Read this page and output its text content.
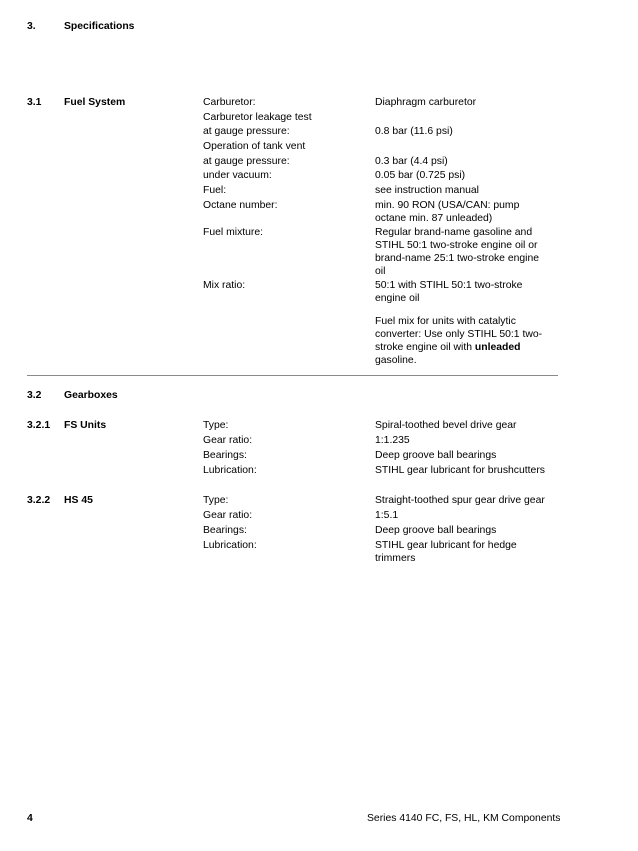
3.	Specifications
3.1 Fuel System	Carburetor:	Diaphragm carburetor
Carburetor leakage test
at gauge pressure:	0.8 bar (11.6 psi)
Operation of tank vent
at gauge pressure:	0.3 bar (4.4 psi)
under vacuum:	0.05 bar (0.725 psi)
Fuel:	see instruction manual
Octane number:	min. 90 RON (USA/CAN: pump
octane min. 87 unleaded)
Fuel mixture:	Regular brand-name gasoline and
STIHL 50:1 two-stroke engine oil or
brand-name 25:1 two-stroke engine
oil
Mix ratio:	50:1 with STIHL 50:1 two-stroke
engine oil
Fuel mix for units with catalytic
converter: Use only STIHL 50:1 two-
stroke engine oil with unleaded
gasoline.
3.2 Gearboxes
3.2.1 FS Units	Type:	Spiral-toothed bevel drive gear
Gear ratio:	1:1.235
Bearings:	Deep groove ball bearings
Lubrication:	STIHL gear lubricant for brushcutters
3.2.2 HS 45	Type:	Straight-toothed spur gear drive gear
Gear ratio:	1:5.1
Bearings:	Deep groove ball bearings
Lubrication:	STIHL gear lubricant for hedge
trimmers
4	Series 4140 FC, FS, HL, KM Components
